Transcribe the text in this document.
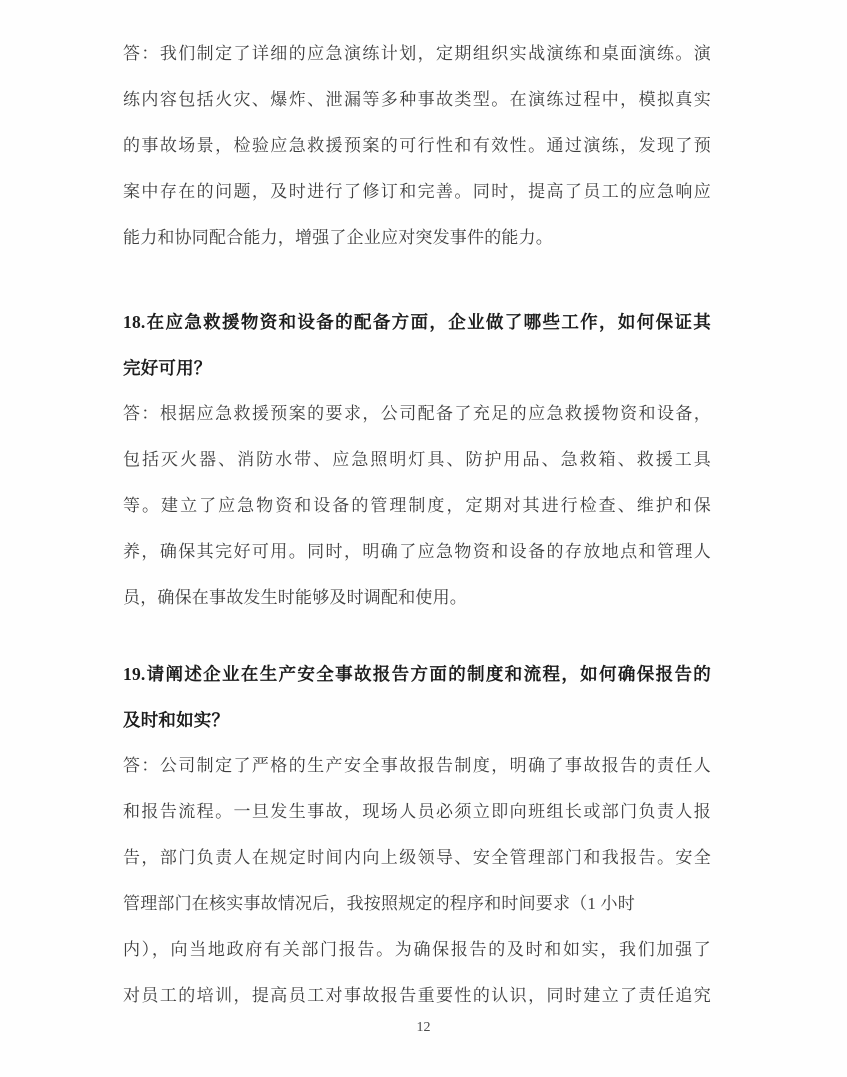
答：我们制定了详细的应急演练计划，定期组织实战演练和桌面演练。演
练内容包括火灾、爆炸、泄漏等多种事故类型。在演练过程中，模拟真实
的事故场景，检验应急救援预案的可行性和有效性。通过演练，发现了预
案中存在的问题，及时进行了修订和完善。同时，提高了员工的应急响应
能力和协同配合能力，增强了企业应对突发事件的能力。
18.在应急救援物资和设备的配备方面，企业做了哪些工作，如何保证其
完好可用？
答：根据应急救援预案的要求，公司配备了充足的应急救援物资和设备，
包括灭火器、消防水带、应急照明灯具、防护用品、急救箱、救援工具
等。建立了应急物资和设备的管理制度，定期对其进行检查、维护和保
养，确保其完好可用。同时，明确了应急物资和设备的存放地点和管理人
员，确保在事故发生时能够及时调配和使用。
19.请阐述企业在生产安全事故报告方面的制度和流程，如何确保报告的
及时和如实？
答：公司制定了严格的生产安全事故报告制度，明确了事故报告的责任人
和报告流程。一旦发生事故，现场人员必须立即向班组长或部门负责人报
告，部门负责人在规定时间内向上级领导、安全管理部门和我报告。安全
管理部门在核实事故情况后，我按照规定的程序和时间要求（1 小时
内），向当地政府有关部门报告。为确保报告的及时和如实，我们加强了
对员工的培训，提高员工对事故报告重要性的认识，同时建立了责任追究
12
